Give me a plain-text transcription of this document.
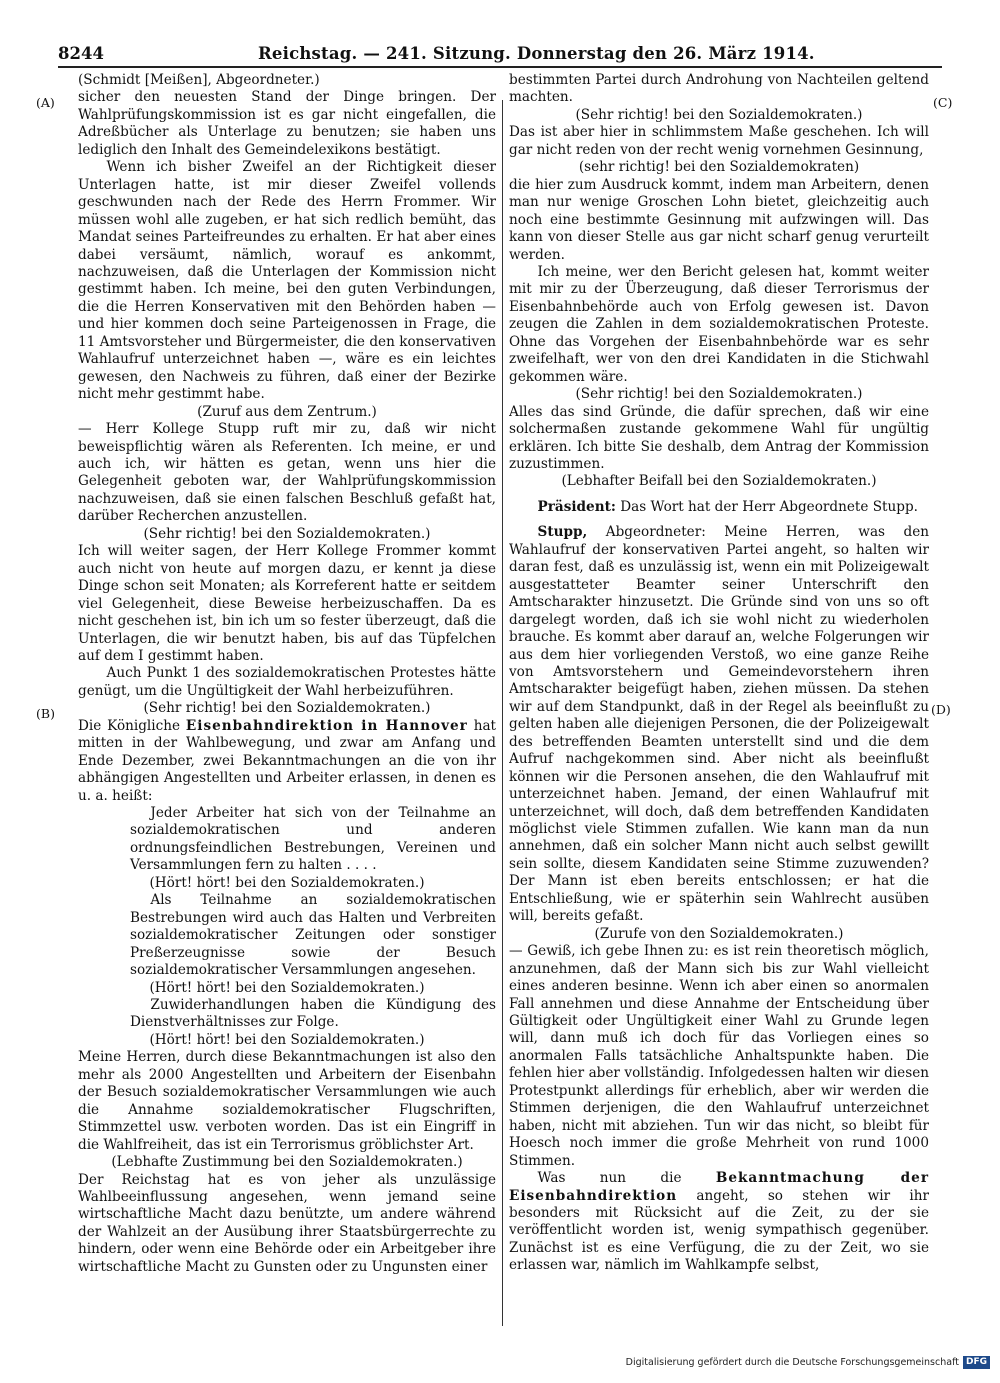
8244	Reichstag. — 241. Sitzung. Donnerstag den 26. März 1914.
(A)
(B)
(C)
(D)

(Schmidt [Meißen], Abgeordneter.)

sicher den neuesten Stand der Dinge bringen. Der Wahlprüfungskommission ist es gar nicht eingefallen, die Adreßbücher als Unterlage zu benutzen; sie haben uns lediglich den Inhalt des Gemeindelexikons bestätigt.

Wenn ich bisher Zweifel an der Richtigkeit dieser Unterlagen hatte, ist mir dieser Zweifel vollends geschwunden nach der Rede des Herrn Frommer. Wir müssen wohl alle zugeben, er hat sich redlich bemüht, das Mandat seines Parteifreundes zu erhalten. Er hat aber eines dabei versäumt, nämlich, worauf es ankommt, nachzuweisen, daß die Unterlagen der Kommission nicht gestimmt haben. Ich meine, bei den guten Verbindungen, die die Herren Konservativen mit den Behörden haben — und hier kommen doch seine Parteigenossen in Frage, die 11 Amtsvorsteher und Bürgermeister, die den konservativen Wahlaufruf unterzeichnet haben —, wäre es ein leichtes gewesen, den Nachweis zu führen, daß einer der Bezirke nicht mehr gestimmt habe.

(Zuruf aus dem Zentrum.)

— Herr Kollege Stupp ruft mir zu, daß wir nicht beweispflichtig wären als Referenten. Ich meine, er und auch ich, wir hätten es getan, wenn uns hier die Gelegenheit geboten war, der Wahlprüfungskommission nachzuweisen, daß sie einen falschen Beschluß gefaßt hat, darüber Recherchen anzustellen.

(Sehr richtig! bei den Sozialdemokraten.)

Ich will weiter sagen, der Herr Kollege Frommer kommt auch nicht von heute auf morgen dazu, er kennt ja diese Dinge schon seit Monaten; als Korreferent hatte er seitdem viel Gelegenheit, diese Beweise herbeizuschaffen. Da es nicht geschehen ist, bin ich um so fester überzeugt, daß die Unterlagen, die wir benutzt haben, bis auf das Tüpfelchen auf dem I gestimmt haben.

Auch Punkt 1 des sozialdemokratischen Protestes hätte genügt, um die Ungültigkeit der Wahl herbeizuführen.

(Sehr richtig! bei den Sozialdemokraten.)

Die Königliche Eisenbahndirektion in Hannover hat mitten in der Wahlbewegung, und zwar am Anfang und Ende Dezember, zwei Bekanntmachungen an die von ihr abhängigen Angestellten und Arbeiter erlassen, in denen es u. a. heißt:

Jeder Arbeiter hat sich von der Teilnahme an sozialdemokratischen und anderen ordnungsfeindlichen Bestrebungen, Vereinen und Versammlungen fern zu halten . . . .

(Hört! hört! bei den Sozialdemokraten.)

Als Teilnahme an sozialdemokratischen Bestrebungen wird auch das Halten und Verbreiten sozialdemokratischer Zeitungen oder sonstiger Preßerzeugnisse sowie der Besuch sozialdemokratischer Versammlungen angesehen.

(Hört! hört! bei den Sozialdemokraten.)

Zuwiderhandlungen haben die Kündigung des Dienstverhältnisses zur Folge.

(Hört! hört! bei den Sozialdemokraten.)

Meine Herren, durch diese Bekanntmachungen ist also den mehr als 2000 Angestellten und Arbeitern der Eisenbahn der Besuch sozialdemokratischer Versammlungen wie auch die Annahme sozialdemokratischer Flugschriften, Stimmzettel usw. verboten worden. Das ist ein Eingriff in die Wahlfreiheit, das ist ein Terrorismus gröblichster Art.

(Lebhafte Zustimmung bei den Sozialdemokraten.)

Der Reichstag hat es von jeher als unzulässige Wahlbeeinflussung angesehen, wenn jemand seine wirtschaftliche Macht dazu benützte, um andere während der Wahlzeit an der Ausübung ihrer Staatsbürgerrechte zu hindern, oder wenn eine Behörde oder ein Arbeitgeber ihre wirtschaftliche Macht zu Gunsten oder zu Ungunsten einer

bestimmten Partei durch Androhung von Nachteilen geltend machten.

(Sehr richtig! bei den Sozialdemokraten.)

Das ist aber hier in schlimmstem Maße geschehen. Ich will gar nicht reden von der recht wenig vornehmen Gesinnung,

(sehr richtig! bei den Sozialdemokraten)

die hier zum Ausdruck kommt, indem man Arbeitern, denen man nur wenige Groschen Lohn bietet, gleichzeitig auch noch eine bestimmte Gesinnung mit aufzwingen will. Das kann von dieser Stelle aus gar nicht scharf genug verurteilt werden.

Ich meine, wer den Bericht gelesen hat, kommt weiter mit mir zu der Überzeugung, daß dieser Terrorismus der Eisenbahnbehörde auch von Erfolg gewesen ist. Davon zeugen die Zahlen in dem sozialdemokratischen Proteste. Ohne das Vorgehen der Eisenbahnbehörde war es sehr zweifelhaft, wer von den drei Kandidaten in die Stichwahl gekommen wäre.

(Sehr richtig! bei den Sozialdemokraten.)

Alles das sind Gründe, die dafür sprechen, daß wir eine solchermaßen zustande gekommene Wahl für ungültig erklären. Ich bitte Sie deshalb, dem Antrag der Kommission zuzustimmen.

(Lebhafter Beifall bei den Sozialdemokraten.)

Präsident: Das Wort hat der Herr Abgeordnete Stupp.

Stupp, Abgeordneter: Meine Herren, was den Wahlaufruf der konservativen Partei angeht, so halten wir daran fest, daß es unzulässig ist, wenn ein mit Polizeigewalt ausgestatteter Beamter seiner Unterschrift den Amtscharakter hinzusetzt. Die Gründe sind von uns so oft dargelegt worden, daß ich sie wohl nicht zu wiederholen brauche. Es kommt aber darauf an, welche Folgerungen wir aus dem hier vorliegenden Verstoß, wo eine ganze Reihe von Amtsvorstehern und Gemeindevorstehern ihren Amtscharakter beigefügt haben, ziehen müssen. Da stehen wir auf dem Standpunkt, daß in der Regel als beeinflußt zu gelten haben alle diejenigen Personen, die der Polizeigewalt des betreffenden Beamten unterstellt sind und die dem Aufruf nachgekommen sind. Aber nicht als beeinflußt können wir die Personen ansehen, die den Wahlaufruf mit unterzeichnet haben. Jemand, der einen Wahlaufruf mit unterzeichnet, will doch, daß dem betreffenden Kandidaten möglichst viele Stimmen zufallen. Wie kann man da nun annehmen, daß ein solcher Mann nicht auch selbst gewillt sein sollte, diesem Kandidaten seine Stimme zuzuwenden? Der Mann ist eben bereits entschlossen; er hat die Entschließung, wie er späterhin sein Wahlrecht ausüben will, bereits gefaßt.

(Zurufe von den Sozialdemokraten.)

— Gewiß, ich gebe Ihnen zu: es ist rein theoretisch möglich, anzunehmen, daß der Mann sich bis zur Wahl vielleicht eines anderen besinne. Wenn ich aber einen so anormalen Fall annehmen und diese Annahme der Entscheidung über Gültigkeit oder Ungültigkeit einer Wahl zu Grunde legen will, dann muß ich doch für das Vorliegen eines so anormalen Falls tatsächliche Anhaltspunkte haben. Die fehlen hier aber vollständig. Infolgedessen halten wir diesen Protestpunkt allerdings für erheblich, aber wir werden die Stimmen derjenigen, die den Wahlaufruf unterzeichnet haben, nicht mit abziehen. Tun wir das nicht, so bleibt für Hoesch noch immer die große Mehrheit von rund 1000 Stimmen.

Was nun die	Bekanntmachung der Eisenbahndirektion angeht, so stehen wir ihr besonders mit Rücksicht auf die Zeit, zu der sie veröffentlicht worden ist, wenig sympathisch gegenüber. Zunächst ist es eine Verfügung, die zu der Zeit, wo sie erlassen war, nämlich im Wahlkampfe selbst,

Digitalisierung gefördert durch die Deutsche Forschungsgemeinschaft DFG
